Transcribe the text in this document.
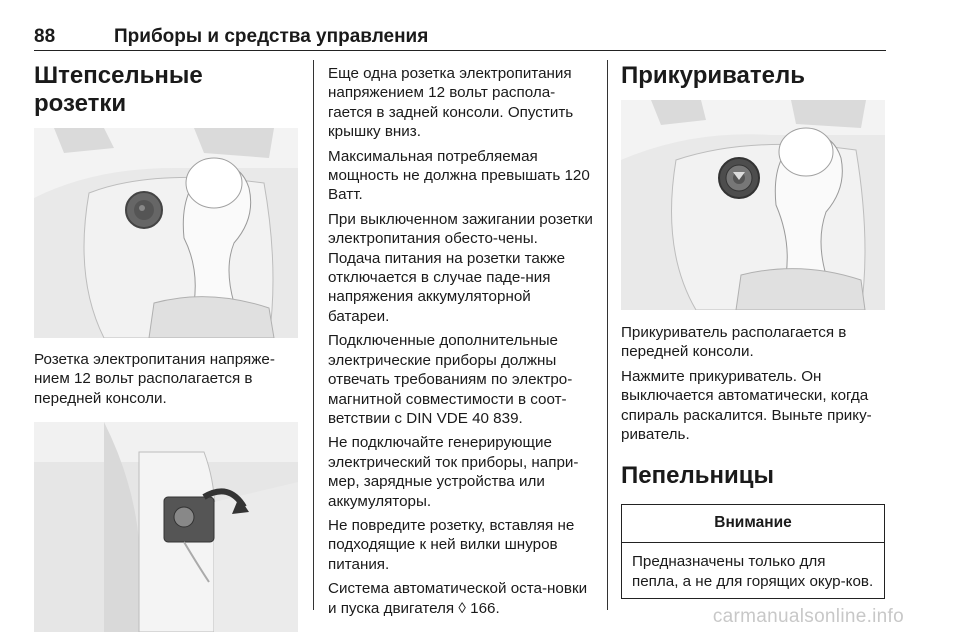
88	Приборы и средства управления
Штепсельные розетки

Розетка электропитания напряже-нием 12 вольт располагается в передней консоли.

Еще одна розетка электропитания напряжением 12 вольт распола-гается в задней консоли. Опустить крышку вниз.

Максимальная потребляемая мощность не должна превышать 120 Ватт.

При выключенном зажигании розетки электропитания обесто-чены. Подача питания на розетки также отключается в случае паде-ния напряжения аккумуляторной батареи.

Подключенные дополнительные электрические приборы должны отвечать требованиям по электро-магнитной совместимости в соот-ветствии с DIN VDE 40 839.

Не подключайте генерирующие электрический ток приборы, напри-мер, зарядные устройства или аккумуляторы.

Не повредите розетку, вставляя не подходящие к ней вилки шнуров питания.

Система автоматической оста-новки и пуска двигателя ◊ 166.

Прикуриватель

Прикуриватель располагается в передней консоли.

Нажмите прикуриватель. Он выключается автоматически, когда спираль раскалится. Выньте прику-риватель.

Пепельницы
Внимание
Предназначены только для пепла, а не для горящих окур-ков.
carmanualsonline.info
